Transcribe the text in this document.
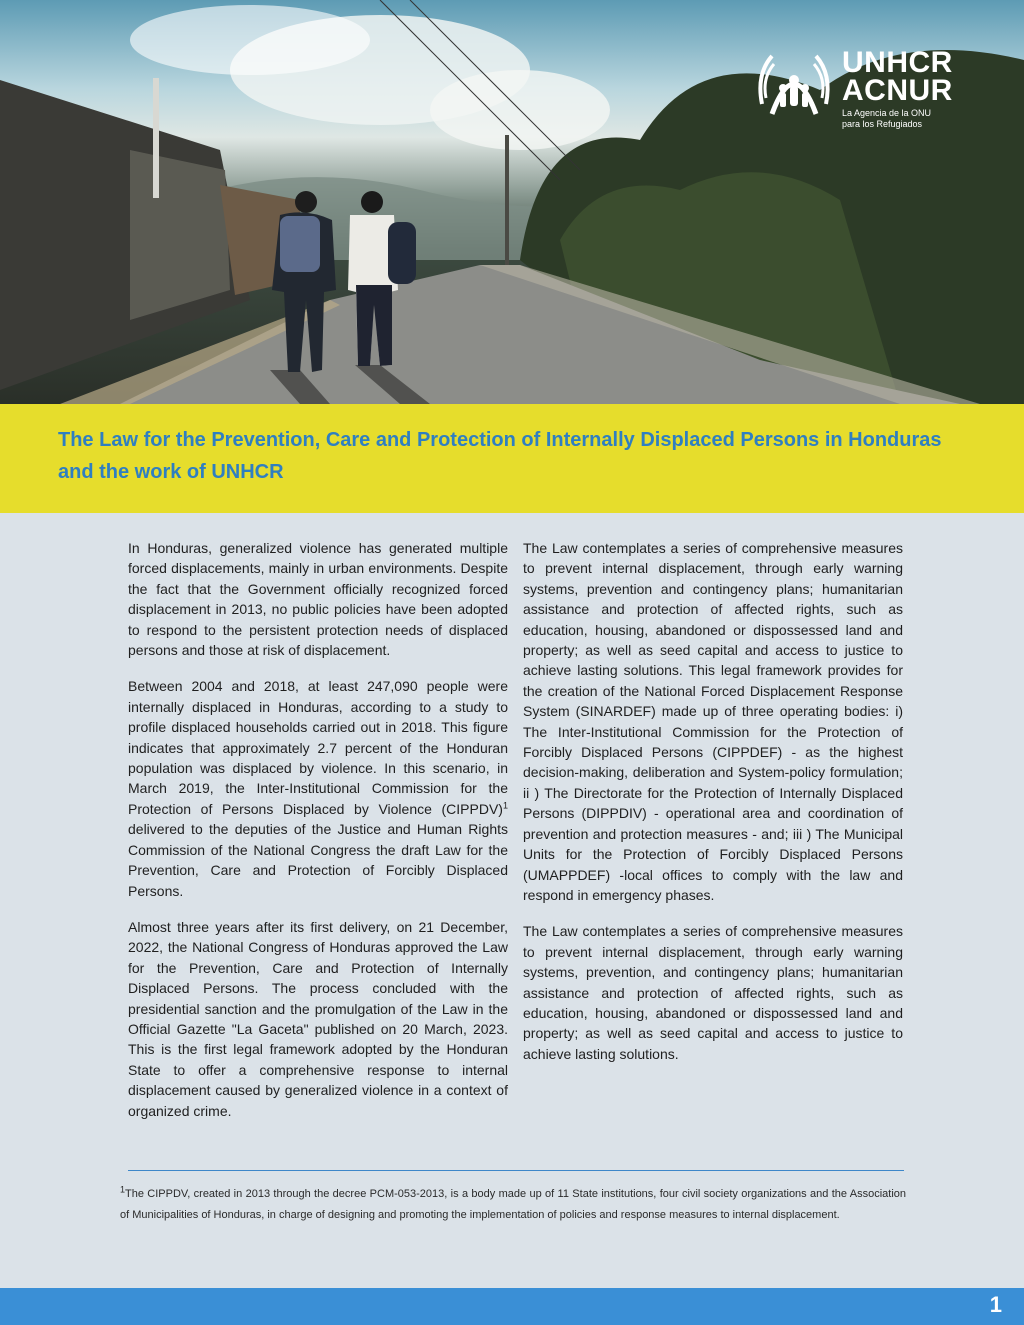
UNHCR
ACNUR
La Agencia de la ONU
para los Refugiados
The Law for the Prevention, Care and Protection of Internally Displaced Persons in Honduras and the work of UNHCR

In Honduras, generalized violence has generated multiple forced displacements, mainly in urban environments. Despite the fact that the Government officially recognized forced displacement in 2013, no public policies have been adopted to respond to the persistent protection needs of displaced persons and those at risk of displacement.

Between 2004 and 2018, at least 247,090 people were internally displaced in Honduras, according to a study to profile displaced households carried out in 2018. This figure indicates that approximately 2.7 percent of the Honduran population was displaced by violence. In this scenario, in March 2019, the Inter-Institutional Commission for the Protection of Persons Displaced by Violence (CIPPDV)$^1$ delivered to the deputies of the Justice and Human Rights Commission of the National Congress the draft Law for the Prevention, Care and Protection of Forcibly Displaced Persons.

Almost three years after its first delivery, on 21 December, 2022, the National Congress of Honduras approved the Law for the Prevention, Care and Protection of Internally Displaced Persons. The process concluded with the presidential sanction and the promulgation of the Law in the Official Gazette "La Gaceta" published on 20 March, 2023. This is the first legal framework adopted by the Honduran State to offer a comprehensive response to internal displacement caused by generalized violence in a context of organized crime.

The Law contemplates a series of comprehensive measures to prevent internal displacement, through early warning systems, prevention and contingency plans; humanitarian assistance and protection of affected rights, such as education, housing, abandoned or dispossessed land and property; as well as seed capital and access to justice to achieve lasting solutions. This legal framework provides for the creation of the National Forced Displacement Response System (SINARDEF) made up of three operating bodies: i) The Inter-Institutional Commission for the Protection of Forcibly Displaced Persons (CIPPDEF) - as the highest decision-making, deliberation and System-policy formulation; ii ) The Directorate for the Protection of Internally Displaced Persons (DIPPDIV) - operational area and coordination of prevention and protection measures - and; iii ) The Municipal Units for the Protection of Forcibly Displaced Persons (UMAPPDEF) -local offices to comply with the law and respond in emergency phases.

The Law contemplates a series of comprehensive measures to prevent internal displacement, through early warning systems, prevention, and contingency plans; humanitarian assistance and protection of affected rights, such as education, housing, abandoned or dispossessed land and property; as well as seed capital and access to justice to achieve lasting solutions.

$^1$The CIPPDV, created in 2013 through the decree PCM-053-2013, is a body made up of 11 State institutions, four civil society organizations and the Association of Municipalities of Honduras, in charge of designing and promoting the implementation of policies and response measures to internal displacement.
1
